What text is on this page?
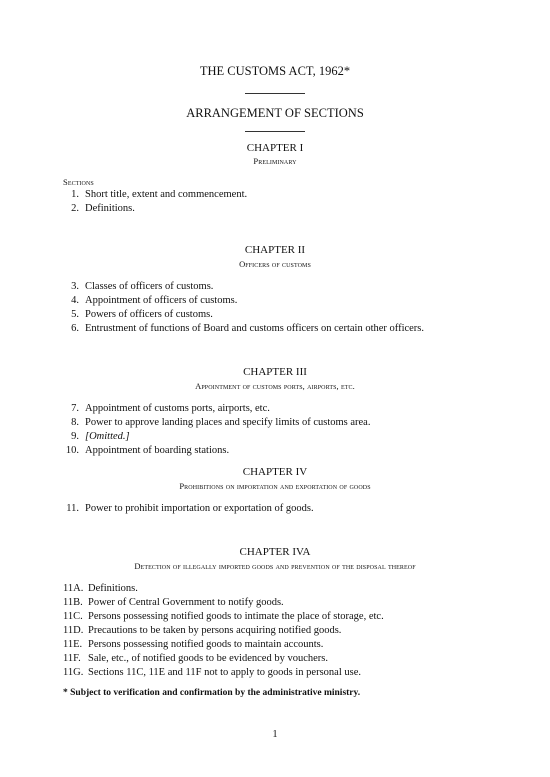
THE CUSTOMS ACT, 1962*
ARRANGEMENT OF SECTIONS
CHAPTER I
Preliminary
Sections
1. Short title, extent and commencement.
2. Definitions.
CHAPTER II
Officers of customs
3. Classes of officers of customs.
4. Appointment of officers of customs.
5. Powers of officers of customs.
6. Entrustment of functions of Board and customs officers on certain other officers.
CHAPTER III
Appointment of customs ports, airports, etc.
7. Appointment of customs ports, airports, etc.
8. Power to approve landing places and specify limits of customs area.
9. [Omitted.]
10. Appointment of boarding stations.
CHAPTER IV
Prohibitions on importation and exportation of goods
11. Power to prohibit importation or exportation of goods.
CHAPTER IVA
Detection of illegally imported goods and prevention of the disposal thereof
11A. Definitions.
11B. Power of Central Government to notify goods.
11C. Persons possessing notified goods to intimate the place of storage, etc.
11D. Precautions to be taken by persons acquiring notified goods.
11E. Persons possessing notified goods to maintain accounts.
11F. Sale, etc., of notified goods to be evidenced by vouchers.
11G. Sections 11C, 11E and 11F not to apply to goods in personal use.
* Subject to verification and confirmation by the administrative ministry.
1
